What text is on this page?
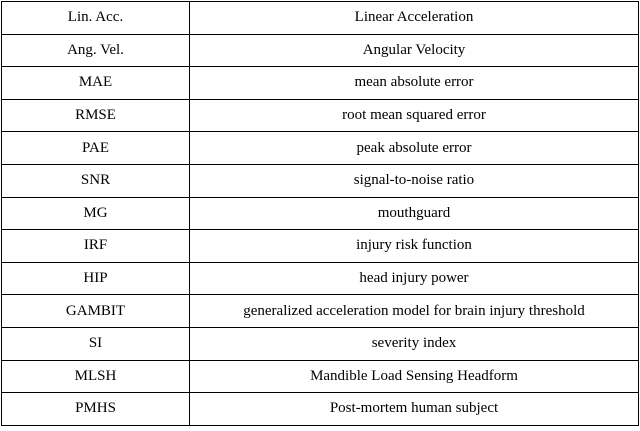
Lin. Acc.	Linear Acceleration
Ang. Vel.	Angular Velocity
MAE	mean absolute error
RMSE	root mean squared error
PAE	peak absolute error
SNR	signal-to-noise ratio
MG	mouthguard
IRF	injury risk function
HIP	head injury power
GAMBIT	generalized acceleration model for brain injury threshold
SI	severity index
MLSH	Mandible Load Sensing Headform
PMHS	Post-mortem human subject
